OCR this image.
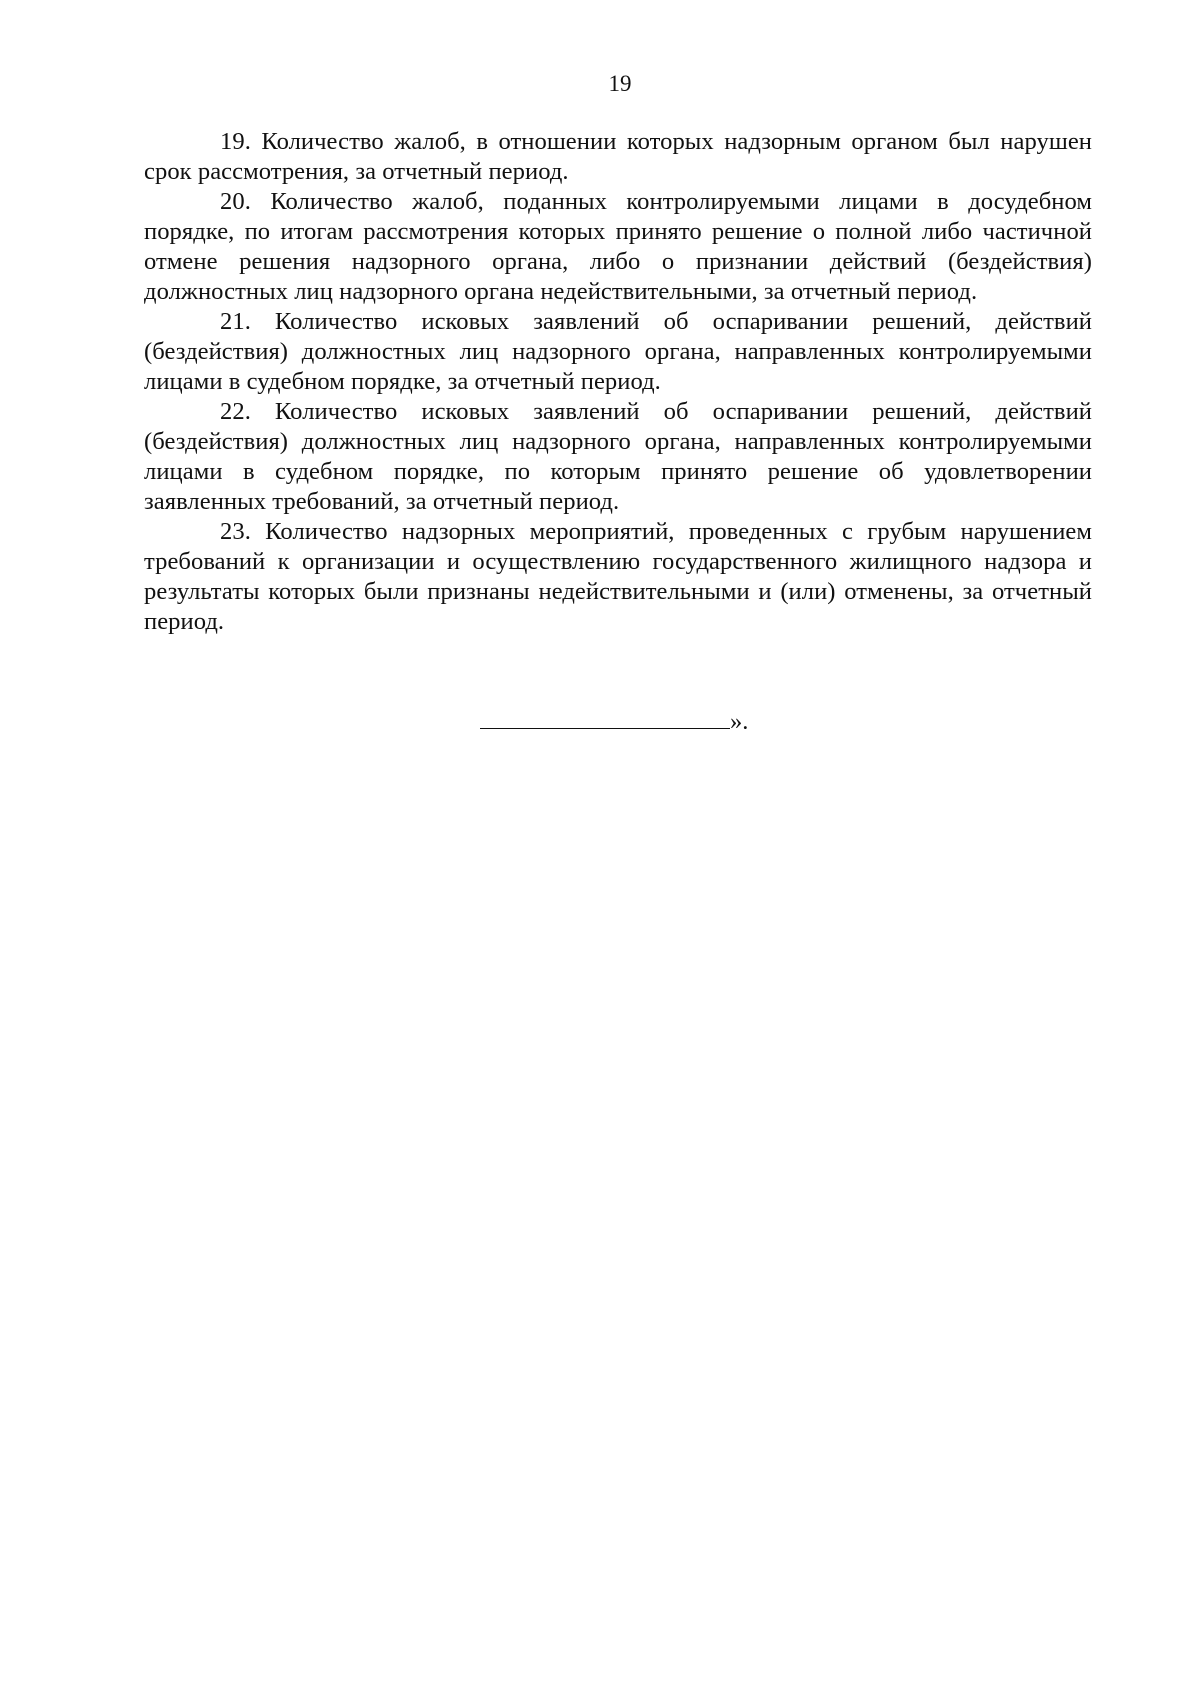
19

19. Количество жалоб, в отношении которых надзорным органом был нарушен срок рассмотрения, за отчетный период.

20. Количество жалоб, поданных контролируемыми лицами в досудебном порядке, по итогам рассмотрения которых принято решение о полной либо частичной отмене решения надзорного органа, либо о признании действий (бездействия) должностных лиц надзорного органа недействительными, за отчетный период.

21. Количество исковых заявлений об оспаривании решений, действий (бездействия) должностных лиц надзорного органа, направленных контролируемыми лицами в судебном порядке, за отчетный период.

22. Количество исковых заявлений об оспаривании решений, действий (бездействия) должностных лиц надзорного органа, направленных контролируемыми лицами в судебном порядке, по которым принято решение об удовлетворении заявленных требований, за отчетный период.

23. Количество надзорных мероприятий, проведенных с грубым нарушением требований к организации и осуществлению государственного жилищного надзора и результаты которых были признаны недействительными и (или) отменены, за отчетный период.

».
